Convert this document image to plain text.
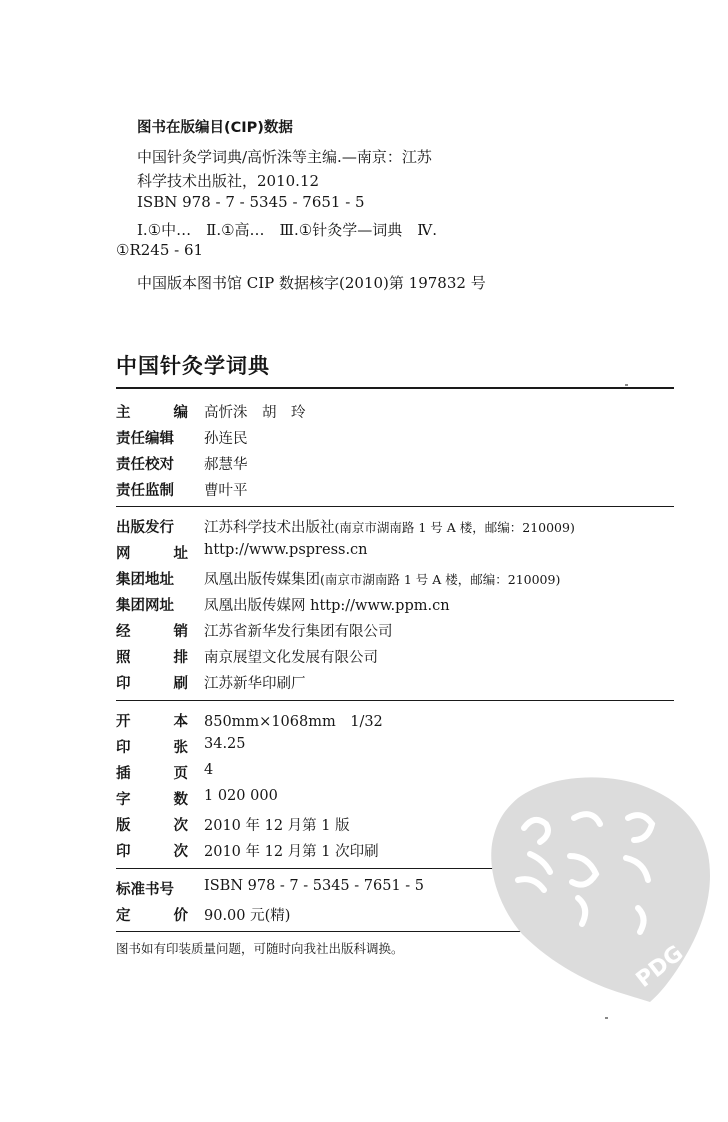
图书在版编目(CIP)数据
中国针灸学词典/高忻洙等主编.—南京：江苏
科学技术出版社，2010.12
ISBN 978 - 7 - 5345 - 7651 - 5
Ⅰ.①中…　Ⅱ.①高…　Ⅲ.①针灸学—词典　Ⅳ.
①R245 - 61
中国版本图书馆 CIP 数据核字(2010)第 197832 号
中国针灸学词典
主	编 高忻洙　胡　玲
责任编辑 孙连民
责任校对 郝慧华
责任监制 曹叶平
出版发行 江苏科学技术出版社(南京市湖南路 1 号 A 楼，邮编：210009)
网	址 http://www.pspress.cn
集团地址 凤凰出版传媒集团(南京市湖南路 1 号 A 楼，邮编：210009)
集团网址 凤凰出版传媒网 http://www.ppm.cn
经	销 江苏省新华发行集团有限公司
照	排 南京展望文化发展有限公司
印	刷 江苏新华印刷厂
开	本 850mm×1068mm　1/32
印	张 34.25
插	页 4
字	数 1 020 000
版	次 2010 年 12 月第 1 版
印	次 2010 年 12 月第 1 次印刷
标准书号 ISBN 978 - 7 - 5345 - 7651 - 5
定	价 90.00 元(精)
图书如有印装质量问题，可随时向我社出版科调换。	PDG
